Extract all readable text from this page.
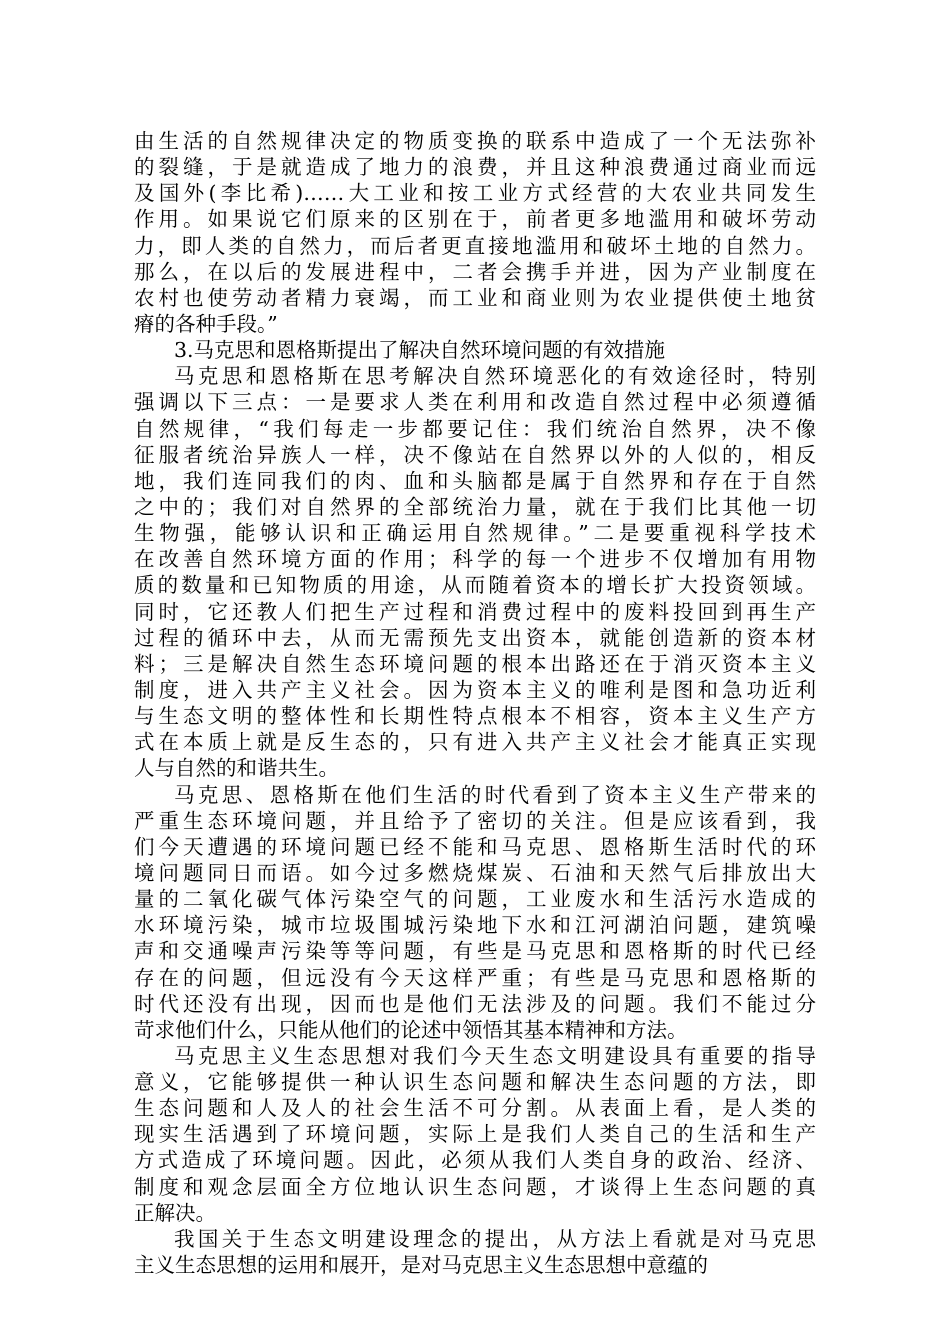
由生活的自然规律决定的物质变换的联系中造成了一个无法弥补
的裂缝，于是就造成了地力的浪费，并且这种浪费通过商业而远
及国外(李比希)……大工业和按工业方式经营的大农业共同发生
作用。如果说它们原来的区别在于，前者更多地滥用和破坏劳动
力，即人类的自然力，而后者更直接地滥用和破坏土地的自然力。
那么，在以后的发展进程中，二者会携手并进，因为产业制度在
农村也使劳动者精力衰竭，而工业和商业则为农业提供使土地贫
瘠的各种手段。”
3.马克思和恩格斯提出了解决自然环境问题的有效措施
马克思和恩格斯在思考解决自然环境恶化的有效途径时，特别
强调以下三点：一是要求人类在利用和改造自然过程中必须遵循
自然规律，“我们每走一步都要记住：我们统治自然界，决不像
征服者统治异族人一样，决不像站在自然界以外的人似的，相反
地，我们连同我们的肉、血和头脑都是属于自然界和存在于自然
之中的；我们对自然界的全部统治力量，就在于我们比其他一切
生物强，能够认识和正确运用自然规律。”二是要重视科学技术
在改善自然环境方面的作用；科学的每一个进步不仅增加有用物
质的数量和已知物质的用途，从而随着资本的增长扩大投资领域。
同时，它还教人们把生产过程和消费过程中的废料投回到再生产
过程的循环中去，从而无需预先支出资本，就能创造新的资本材
料；三是解决自然生态环境问题的根本出路还在于消灭资本主义
制度，进入共产主义社会。因为资本主义的唯利是图和急功近利
与生态文明的整体性和长期性特点根本不相容，资本主义生产方
式在本质上就是反生态的，只有进入共产主义社会才能真正实现
人与自然的和谐共生。
马克思、恩格斯在他们生活的时代看到了资本主义生产带来的
严重生态环境问题，并且给予了密切的关注。但是应该看到，我
们今天遭遇的环境问题已经不能和马克思、恩格斯生活时代的环
境问题同日而语。如今过多燃烧煤炭、石油和天然气后排放出大
量的二氧化碳气体污染空气的问题，工业废水和生活污水造成的
水环境污染，城市垃圾围城污染地下水和江河湖泊问题，建筑噪
声和交通噪声污染等等问题，有些是马克思和恩格斯的时代已经
存在的问题，但远没有今天这样严重；有些是马克思和恩格斯的
时代还没有出现，因而也是他们无法涉及的问题。我们不能过分
苛求他们什么，只能从他们的论述中领悟其基本精神和方法。
马克思主义生态思想对我们今天生态文明建设具有重要的指导
意义，它能够提供一种认识生态问题和解决生态问题的方法，即
生态问题和人及人的社会生活不可分割。从表面上看，是人类的
现实生活遇到了环境问题，实际上是我们人类自己的生活和生产
方式造成了环境问题。因此，必须从我们人类自身的政治、经济、
制度和观念层面全方位地认识生态问题，才谈得上生态问题的真
正解决。
我国关于生态文明建设理念的提出，从方法上看就是对马克思
主义生态思想的运用和展开，是对马克思主义生态思想中意蕴的
